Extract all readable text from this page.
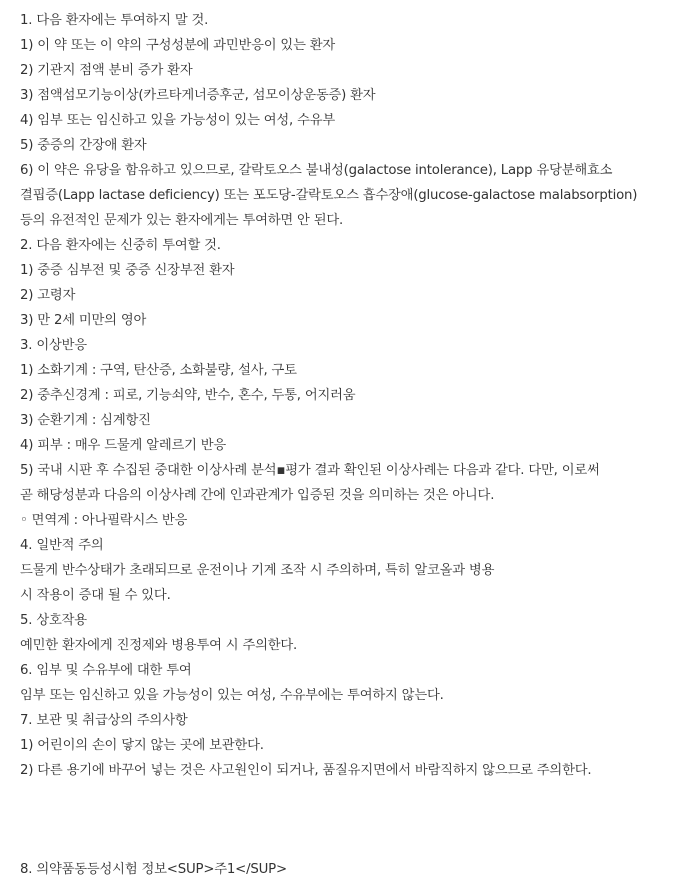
1. 다음 환자에는 투여하지 말 것.
1) 이 약 또는 이 약의 구성성분에 과민반응이 있는 환자
2) 기관지 점액 분비 증가 환자
3) 점액섬모기능이상(카르타게너증후군, 섬모이상운동증) 환자
4) 임부 또는 임신하고 있을 가능성이 있는 여성, 수유부
5) 중증의 간장애 환자
6) 이 약은 유당을 함유하고 있으므로, 갈락토오스 불내성(galactose intolerance), Lapp 유당분해효소
결핍증(Lapp lactase deficiency) 또는 포도당-갈락토오스 흡수장애(glucose-galactose malabsorption)
등의 유전적인 문제가 있는 환자에게는 투여하면 안 된다.
2. 다음 환자에는 신중히 투여할 것.
1) 중증 심부전 및 중증 신장부전 환자
2) 고령자
3) 만 2세 미만의 영아
3. 이상반응
1) 소화기계 : 구역, 탄산증, 소화불량, 설사, 구토
2) 중추신경계 : 피로, 기능쇠약, 반수, 혼수, 두통, 어지러움
3) 순환기계 : 심계항진
4) 피부 : 매우 드물게 알레르기 반응
5) 국내 시판 후 수집된 중대한 이상사례 분석▪평가 결과 확인된 이상사례는 다음과 같다. 다만, 이로써
곧 해당성분과 다음의 이상사례 간에 인과관계가 입증된 것을 의미하는 것은 아니다.
◦ 면역계 : 아나필락시스 반응
4. 일반적 주의
드물게 반수상태가 초래되므로 운전이나 기계 조작 시 주의하며, 특히 알코올과 병용
시 작용이 증대 될 수 있다.
5. 상호작용
예민한 환자에게 진정제와 병용투여 시 주의한다.
6. 임부 및 수유부에 대한 투여
임부 또는 임신하고 있을 가능성이 있는 여성, 수유부에는 투여하지 않는다.
7. 보관 및 취급상의 주의사항
1) 어린이의 손이 닿지 않는 곳에 보관한다.
2) 다른 용기에 바꾸어 넣는 것은 사고원인이 되거나, 품질유지면에서 바람직하지 않으므로 주의한다.
8. 의약품동등성시험 정보<SUP>주1</SUP>
